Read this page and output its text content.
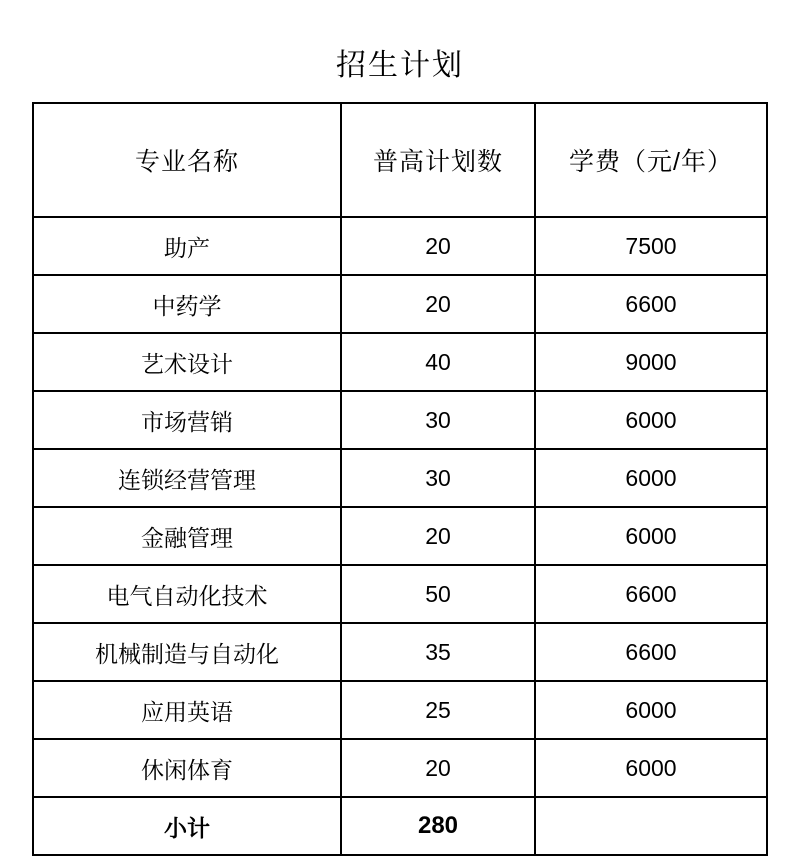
招生计划
专业名称	普高计划数	学费（元/年）
助产	20	7500
中药学	20	6600
艺术设计	40	9000
市场营销	30	6000
连锁经营管理	30	6000
金融管理	20	6000
电气自动化技术	50	6600
机械制造与自动化	35	6600
应用英语	25	6000
休闲体育	20	6000
小计	280	
